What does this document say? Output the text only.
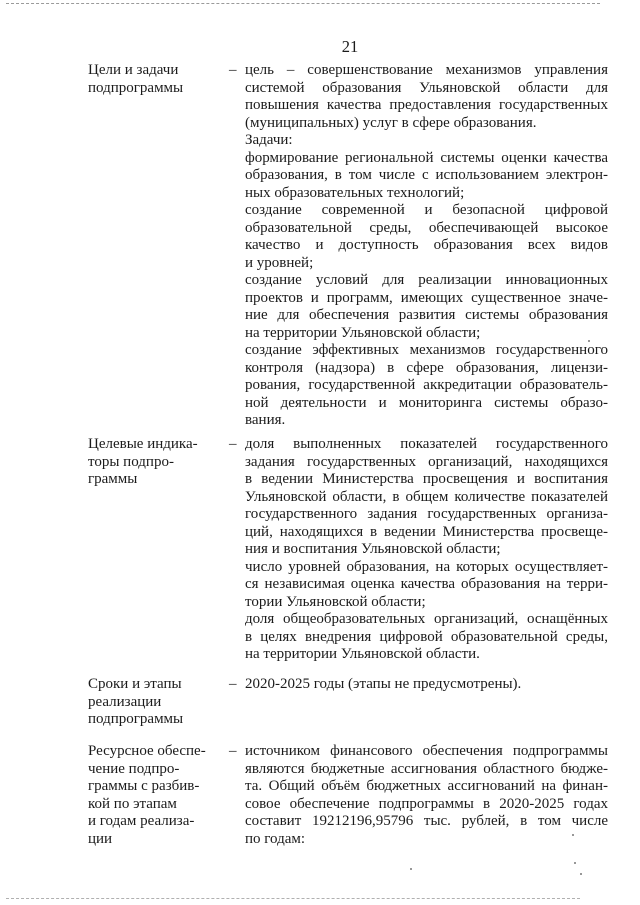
21
Цели и задачи
подпрограммы
– цель – совершенствование механизмов управления

системой образования Ульяновской области для

повышения качества предоставления государственных

(муниципальных) услуг в сфере образования.

Задачи:

формирование региональной системы оценки качества

образования, в том числе с использованием электрон-

ных образовательных технологий;

создание современной и безопасной цифровой

образовательной среды, обеспечивающей высокое

качество и доступность образования всех видов

и уровней;

создание условий для реализации инновационных

проектов и программ, имеющих существенное значе-

ние для обеспечения развития системы образования

на территории Ульяновской области;

создание эффективных механизмов государственного

контроля (надзора) в сфере образования, лицензи-

рования, государственной аккредитации образователь-

ной деятельности и мониторинга системы образо-

вания.

Целевые индика-
торы подпро-
граммы
– доля выполненных показателей государственного

задания государственных организаций, находящихся

в ведении Министерства просвещения и воспитания

Ульяновской области, в общем количестве показателей

государственного задания государственных организа-

ций, находящихся в ведении Министерства просвеще-

ния и воспитания Ульяновской области;

число уровней образования, на которых осуществляет-

ся независимая оценка качества образования на терри-

тории Ульяновской области;

доля общеобразовательных организаций, оснащённых

в целях внедрения цифровой образовательной среды,

на территории Ульяновской области.

Сроки и этапы
реализации
подпрограммы
– 2020-2025 годы (этапы не предусмотрены).

Ресурсное обеспе-
чение подпро-
граммы с разбив-
кой по этапам
и годам реализа-
ции
– источником финансового обеспечения подпрограммы

являются бюджетные ассигнования областного бюдже-

та. Общий объём бюджетных ассигнований на финан-

совое обеспечение подпрограммы в 2020-2025 годах

составит 19212196,95796 тыс. рублей, в том числе

по годам:
